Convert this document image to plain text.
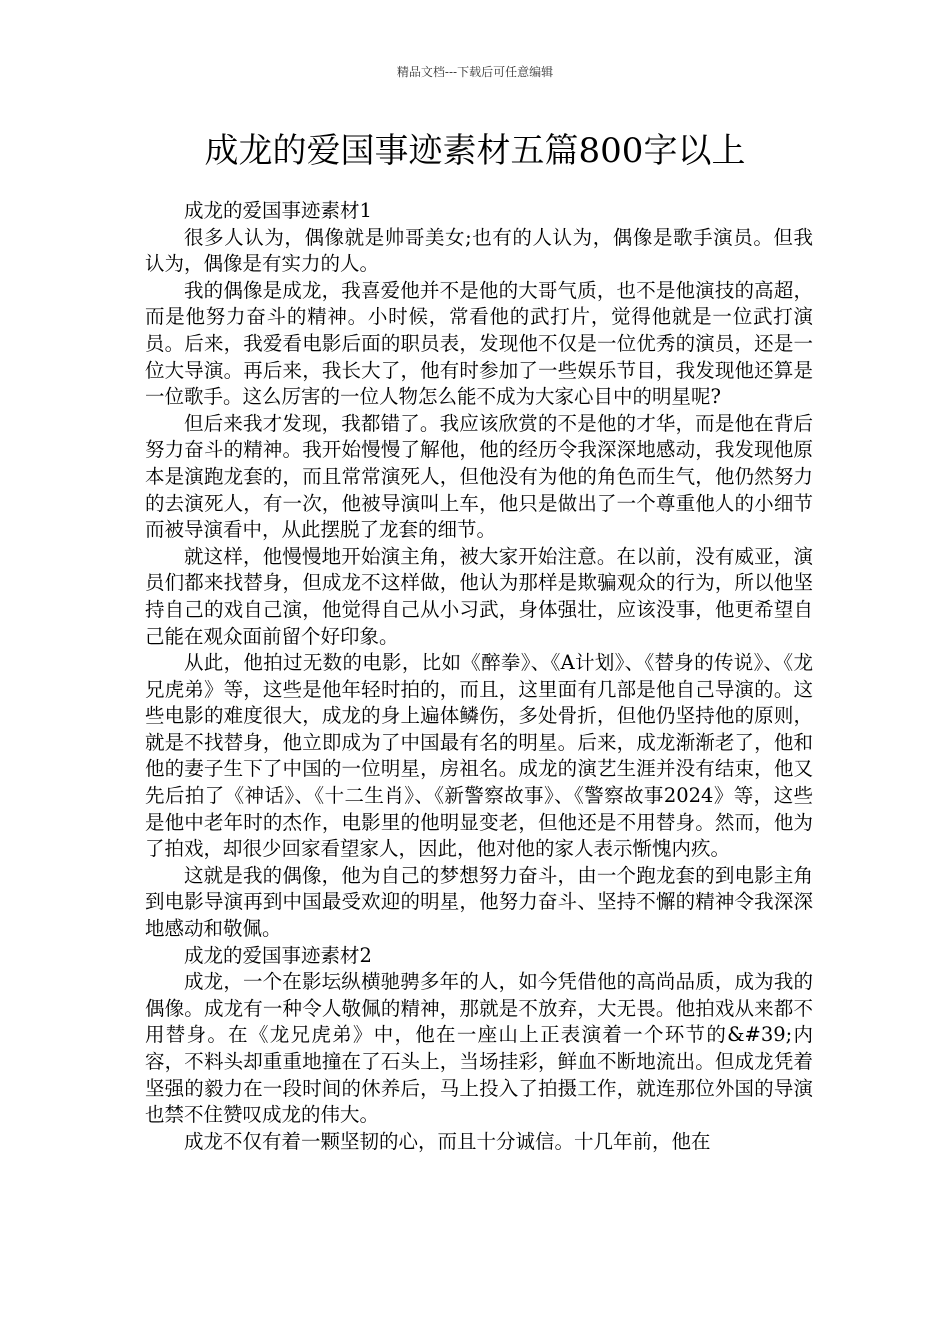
精品文档---下载后可任意编辑
成龙的爱国事迹素材五篇800字以上

成龙的爱国事迹素材1

很多人认为，偶像就是帅哥美女;也有的人认为，偶像是歌手演员。但我认为，偶像是有实力的人。

我的偶像是成龙，我喜爱他并不是他的大哥气质，也不是他演技的高超，而是他努力奋斗的精神。小时候，常看他的武打片，觉得他就是一位武打演员。后来，我爱看电影后面的职员表，发现他不仅是一位优秀的演员，还是一位大导演。再后来，我长大了，他有时参加了一些娱乐节目，我发现他还算是一位歌手。这么厉害的一位人物怎么能不成为大家心目中的明星呢?

但后来我才发现，我都错了。我应该欣赏的不是他的才华，而是他在背后努力奋斗的精神。我开始慢慢了解他，他的经历令我深深地感动，我发现他原本是演跑龙套的，而且常常演死人，但他没有为他的角色而生气，他仍然努力的去演死人，有一次，他被导演叫上车，他只是做出了一个尊重他人的小细节而被导演看中，从此摆脱了龙套的细节。

就这样，他慢慢地开始演主角，被大家开始注意。在以前，没有威亚，演员们都来找替身，但成龙不这样做，他认为那样是欺骗观众的行为，所以他坚持自己的戏自己演，他觉得自己从小习武，身体强壮，应该没事，他更希望自己能在观众面前留个好印象。

从此，他拍过无数的电影，比如《醉拳》、《A计划》、《替身的传说》、《龙兄虎弟》等，这些是他年轻时拍的，而且，这里面有几部是他自己导演的。这些电影的难度很大，成龙的身上遍体鳞伤，多处骨折，但他仍坚持他的原则，就是不找替身，他立即成为了中国最有名的明星。后来，成龙渐渐老了，他和他的妻子生下了中国的一位明星，房祖名。成龙的演艺生涯并没有结束，他又先后拍了《神话》、《十二生肖》、《新警察故事》、《警察故事2024》等，这些是他中老年时的杰作，电影里的他明显变老，但他还是不用替身。然而，他为了拍戏，却很少回家看望家人，因此，他对他的家人表示惭愧内疚。

这就是我的偶像，他为自己的梦想努力奋斗，由一个跑龙套的到电影主角到电影导演再到中国最受欢迎的明星，他努力奋斗、坚持不懈的精神令我深深地感动和敬佩。

成龙的爱国事迹素材2

成龙，一个在影坛纵横驰骋多年的人，如今凭借他的高尚品质，成为我的偶像。成龙有一种令人敬佩的精神，那就是不放弃，大无畏。他拍戏从来都不用替身。在《龙兄虎弟》中，他在一座山上正表演着一个环节的&#39;内容，不料头却重重地撞在了石头上，当场挂彩，鲜血不断地流出。但成龙凭着坚强的毅力在一段时间的休养后，马上投入了拍摄工作，就连那位外国的导演也禁不住赞叹成龙的伟大。

成龙不仅有着一颗坚韧的心，而且十分诚信。十几年前，他在
